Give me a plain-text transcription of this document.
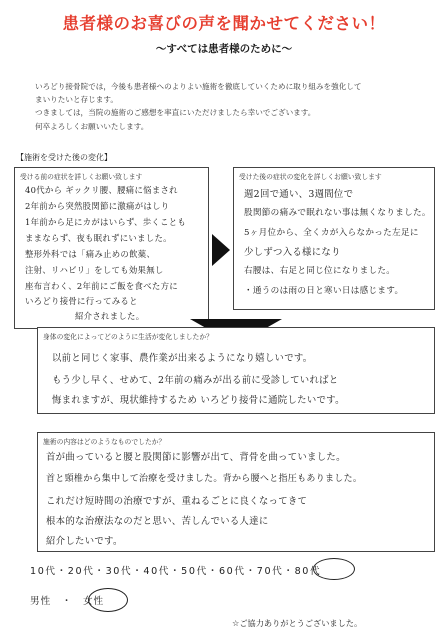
患者様のお喜びの声を聞かせてください！
〜すべては患者様のために〜
いろどり接骨院では，今後も患者様へのよりよい施術を徹底していくために取り組みを強化して
まいりたいと存じます。
つきましては，当院の施術のご感想を率直にいただけましたら幸いでございます。
何卒よろしくお願いいたします。
【施術を受けた後の変化】
受ける前の症状を詳しくお願い致します
40代から ギックリ腰、腰痛に悩まされ
2年前から突然股関節に激痛がはしり
1年前から足にカがはいらず、歩くことも
ままならず、夜も眠れずにいました。
整形外科では「痛み止めの飲薬、
注射、リハビリ」をしても効果無し
座布言わく、2年前にご飯を食べた方に
いろどり接骨に行ってみると
紹介されました。
受けた後の症状の変化を詳しくお願い致します
週2回で通い、3週間位で
股関節の痛みで眠れない事は無くなりました。
5ヶ月位から、全くカが入らなかった左足に
少しずつ入る様になり
右腰は、右足と同じ位になりました。
・通うのは雨の日と寒い日は感じます。
身体の変化によってどのように生活が変化しましたか？
以前と同じく家事、農作業が出来るようになり嬉しいです。
もう少し早く、せめて、2年前の痛みが出る前に受診していればと
悔まれますが、現状維持するため いろどり接骨に通院したいです。
施術の内容はどのようなものでしたか？
首が曲っていると腰と股関節に影響が出て、背骨を曲っていました。
首と頸椎から集中して治療を受けました。背から腰へと指圧もありました。
これだけ短時間の治療ですが、重ねるごとに良くなってきて
根本的な治療法なのだと思い、苦しんでいる人達に
紹介したいです。
10代・20代・30代・40代・50代・60代・70代・80代
男性　・　女性
☆ご協力ありがとうございました。
